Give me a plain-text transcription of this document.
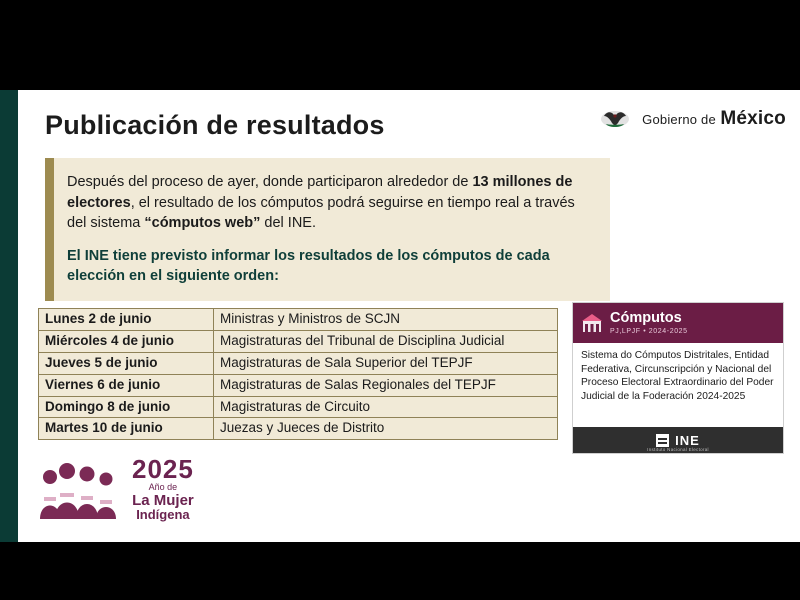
Publicación de resultados	Gobierno de México

Después del proceso de ayer, donde participaron alrededor de 13 millones de electores, el resultado de los cómputos podrá seguirse en tiempo real a través del sistema “cómputos web” del INE.

El INE tiene previsto informar los resultados de los cómputos de cada elección en el siguiente orden:

Lunes 2 de junio	Ministras y Ministros de SCJN
Miércoles 4 de junio	Magistraturas del Tribunal de Disciplina Judicial
Jueves 5 de junio	Magistraturas de Sala Superior del TEPJF
Viernes 6 de junio	Magistraturas de Salas Regionales del TEPJF
Domingo 8 de junio	Magistraturas de Circuito
Martes 10 de junio	Juezas y Jueces de Distrito
Cómputos
PJ,LPJF • 2024-2025
Sistema do Cómputos Distritales, Entidad Federativa, Circunscripción y Nacional del Proceso Electoral Extraordinario del Poder Judicial de la Foderación 2024-2025
INE
Instituto Nacional Electoral
2025
Año de
La Mujer
Indígena
